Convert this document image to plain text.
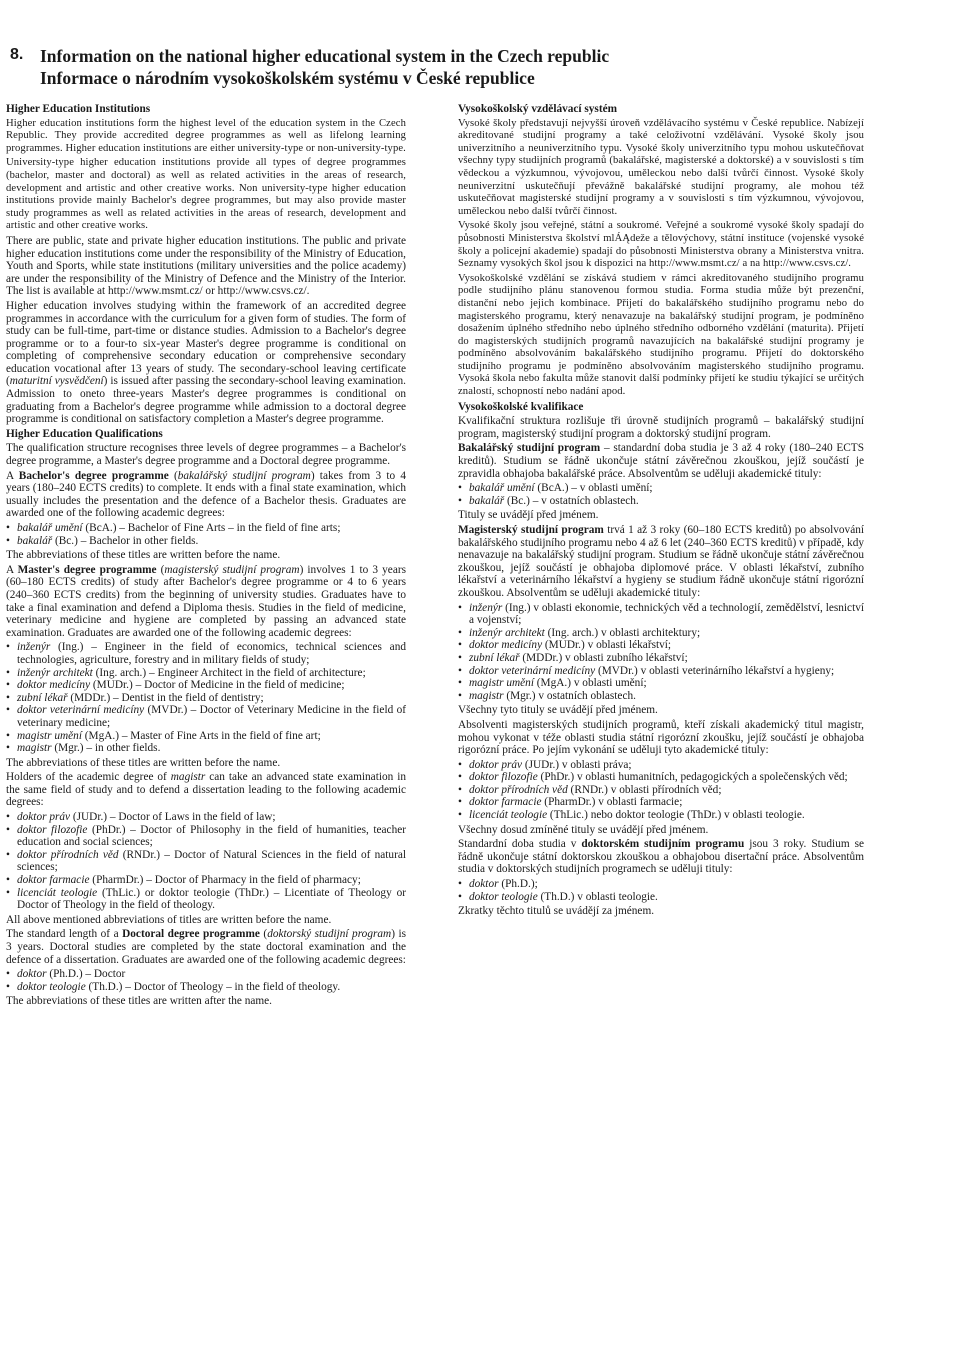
8. Information on the national higher educational system in the Czech republic
Informace o národním vysokoškolském systému v České republice
Higher Education Institutions

Higher education institutions form the highest level of the education system in the Czech Republic. They provide accredited degree programmes as well as lifelong learning programmes. Higher education institutions are either university-type or non-university-type.

University-type higher education institutions provide all types of degree programmes (bachelor, master and doctoral) as well as related activities in the areas of research, development and artistic and other creative works. Non university-type higher education institutions provide mainly Bachelor's degree programmes, but may also provide master study programmes as well as related activities in the areas of research, development and artistic and other creative works.

There are public, state and private higher education institutions. The public and private higher education institutions come under the responsibility of the Ministry of Education, Youth and Sports, while state institutions (military universities and the police academy) are under the responsibility of the Ministry of Defence and the Ministry of the Interior. The list is available at http://www.msmt.cz/ or http://www.csvs.cz/.

Higher education involves studying within the framework of an accredited degree programmes in accordance with the curriculum for a given form of studies. The form of study can be full-time, part-time or distance studies. Admission to a Bachelor's degree programme or to a four-to six-year Master's degree programme is conditional on completing of comprehensive secondary education or comprehensive secondary education vocational after 13 years of study. The secondary-school leaving certificate (maturitní vysvědčení) is issued after passing the secondary-school leaving examination. Admission to oneto three-years Master's degree programmes is conditional on graduating from a Bachelor's degree programme while admission to a doctoral degree programme is conditional on satisfactory completion a Master's degree programme.

Higher Education Qualifications

The qualification structure recognises three levels of degree programmes – a Bachelor's degree programme, a Master's degree programme and a Doctoral degree programme.

A Bachelor's degree programme (bakalářský studijní program) takes from 3 to 4 years (180–240 ECTS credits) to complete. It ends with a final state examination, which usually includes the presentation and the defence of a Bachelor thesis. Graduates are awarded one of the following academic degrees:

• bakalář umění (BcA.) – Bachelor of Fine Arts – in the field of fine arts;
• bakalář (Bc.) – Bachelor in other fields.

The abbreviations of these titles are written before the name.

A Master's degree programme (magisterský studijní program) involves 1 to 3 years (60–180 ECTS credits) of study after Bachelor's degree programme or 4 to 6 years (240–360 ECTS credits) from the beginning of university studies. Graduates have to take a final examination and defend a Diploma thesis. Studies in the field of medicine, veterinary medicine and hygiene are completed by passing an advanced state examination. Graduates are awarded one of the following academic degrees:

• inženýr (Ing.) – Engineer in the field of economics, technical sciences and technologies, agriculture, forestry and in military fields of study;
• inženýr architekt (Ing. arch.) – Engineer Architect in the field of architecture;
• doktor medicíny (MUDr.) – Doctor of Medicine in the field of medicine;
• zubní lékař (MDDr.) – Dentist in the field of dentistry;
• doktor veterinární medicíny (MVDr.) – Doctor of Veterinary Medicine in the field of veterinary medicine;
• magistr umění (MgA.) – Master of Fine Arts in the field of fine art;
• magistr (Mgr.) – in other fields.

The abbreviations of these titles are written before the name.

Holders of the academic degree of magistr can take an advanced state examination in the same field of study and to defend a dissertation leading to the following academic degrees:

• doktor práv (JUDr.) – Doctor of Laws in the field of law;
• doktor filozofie (PhDr.) – Doctor of Philosophy in the field of humanities, teacher education and social sciences;
• doktor přírodních věd (RNDr.) – Doctor of Natural Sciences in the field of natural sciences;
• doktor farmacie (PharmDr.) – Doctor of Pharmacy in the field of pharmacy;
• licenciát teologie (ThLic.) or doktor teologie (ThDr.) – Licentiate of Theology or Doctor of Theology in the field of theology.

All above mentioned abbreviations of titles are written before the name.

The standard length of a Doctoral degree programme (doktorský studijní program) is 3 years. Doctoral studies are completed by the state doctoral examination and the defence of a dissertation. Graduates are awarded one of the following academic degrees:

• doktor (Ph.D.) – Doctor
• doktor teologie (Th.D.) – Doctor of Theology – in the field of theology.

The abbreviations of these titles are written after the name.

Vysokoškolský vzdělávací systém

Vysoké školy představují nejvyšší úroveň vzdělávacího systému v České republice. Nabízejí akreditované studijní programy a také celoživotní vzdělávání. Vysoké školy jsou univerzitního a neuniverzitního typu. Vysoké školy univerzitního typu mohou uskutečňovat všechny typy studijních programů (bakalářské, magisterské a doktorské) a v souvislosti s tím vědeckou a výzkumnou, vývojovou, uměleckou nebo další tvůrčí činnost. Vysoké školy neuniverzitní uskutečňují převážně bakalářské studijní programy, ale mohou též uskutečňovat magisterské studijní programy a v souvislosti s tím výzkumnou, vývojovou, uměleckou nebo další tvůrčí činnost.

Vysoké školy jsou veřejné, státní a soukromé. Veřejné a soukromé vysoké školy spadají do působnosti Ministerstva školství mlÁĄdeže a tělovýchovy, státní instituce (vojenské vysoké školy a policejní akademie) spadají do působnosti Ministerstva obrany a Ministerstva vnitra. Seznamy vysokých škol jsou k dispozici na http://www.msmt.cz/ a na http://www.csvs.cz/.

Vysokoškolské vzdělání se získává studiem v rámci akreditovaného studijního programu podle studijního plánu stanovenou formou studia. Forma studia může být prezenční, distanční nebo jejich kombinace. Přijetí do bakalářského studijního programu nebo do magisterského programu, který nenavazuje na bakalářský studijní program, je podmíněno dosažením úplného středního nebo úplného středního odborného vzdělání (maturita). Přijetí do magisterských studijních programů navazujících na bakalářské studijní programy je podmíněno absolvováním bakalářského studijního programu. Přijetí do doktorského studijního programu je podmíněno absolvováním magisterského studijního programu. Vysoká škola nebo fakulta může stanovit další podmínky přijetí ke studiu týkající se určitých znalostí, schopností nebo nadání apod.

Vysokoškolské kvalifikace

Kvalifikační struktura rozlišuje tři úrovně studijních programů – bakalářský studijní program, magisterský studijní program a doktorský studijní program.

Bakalářský studijní program – standardní doba studia je 3 až 4 roky (180–240 ECTS kreditů). Studium se řádně ukončuje státní závěrečnou zkouškou, jejíž součástí je zpravidla obhajoba bakalářské práce. Absolventům se uděluji akademické tituly:

• bakalář umění (BcA.) – v oblasti umění;
• bakalář (Bc.) – v ostatních oblastech.

Tituly se uvádějí před jménem.

Magisterský studijní program trvá 1 až 3 roky (60–180 ECTS kreditů) po absolvování bakalářského studijního programu nebo 4 až 6 let (240–360 ECTS kreditů) v případě, kdy nenavazuje na bakalářský studijní program. Studium se řádně ukončuje státní závěrečnou zkouškou, jejíž součástí je obhajoba diplomové práce. V oblasti lékařství, zubního lékařství a veterinárního lékařství a hygieny se studium řádně ukončuje státní rigorózní zkouškou. Absolventům se uděluji akademické tituly:

• inženýr (Ing.) v oblasti ekonomie, technických věd a technologií, zemědělství, lesnictví a vojenství;
• inženýr architekt (Ing. arch.) v oblasti architektury;
• doktor medicíny (MUDr.) v oblasti lékařství;
• zubní lékař (MDDr.) v oblasti zubního lékařství;
• doktor veterinární medicíny (MVDr.) v oblasti veterinárního lékařství a hygieny;
• magistr umění (MgA.) v oblasti umění;
• magistr (Mgr.) v ostatních oblastech.

Všechny tyto tituly se uvádějí před jménem.

Absolventi magisterských studijních programů, kteří získali akademický titul magistr, mohou vykonat v téže oblasti studia státní rigorózní zkoušku, jejíž součástí je obhajoba rigorózní práce. Po jejím vykonání se uděluji tyto akademické tituly:

• doktor práv (JUDr.) v oblasti práva;
• doktor filozofie (PhDr.) v oblasti humanitních, pedagogických a společenských věd;
• doktor přírodních věd (RNDr.) v oblasti přírodních věd;
• doktor farmacie (PharmDr.) v oblasti farmacie;
• licenciát teologie (ThLic.) nebo doktor teologie (ThDr.) v oblasti teologie.

Všechny dosud zmíněné tituly se uvádějí před jménem.

Standardní doba studia v doktorském studijním programu jsou 3 roky. Studium se řádně ukončuje státní doktorskou zkouškou a obhajobou disertační práce. Absolventům studia v doktorských studijních programech se uděluji tituly:

• doktor (Ph.D.);
• doktor teologie (Th.D.) v oblasti teologie.

Zkratky těchto titulů se uvádějí za jménem.
